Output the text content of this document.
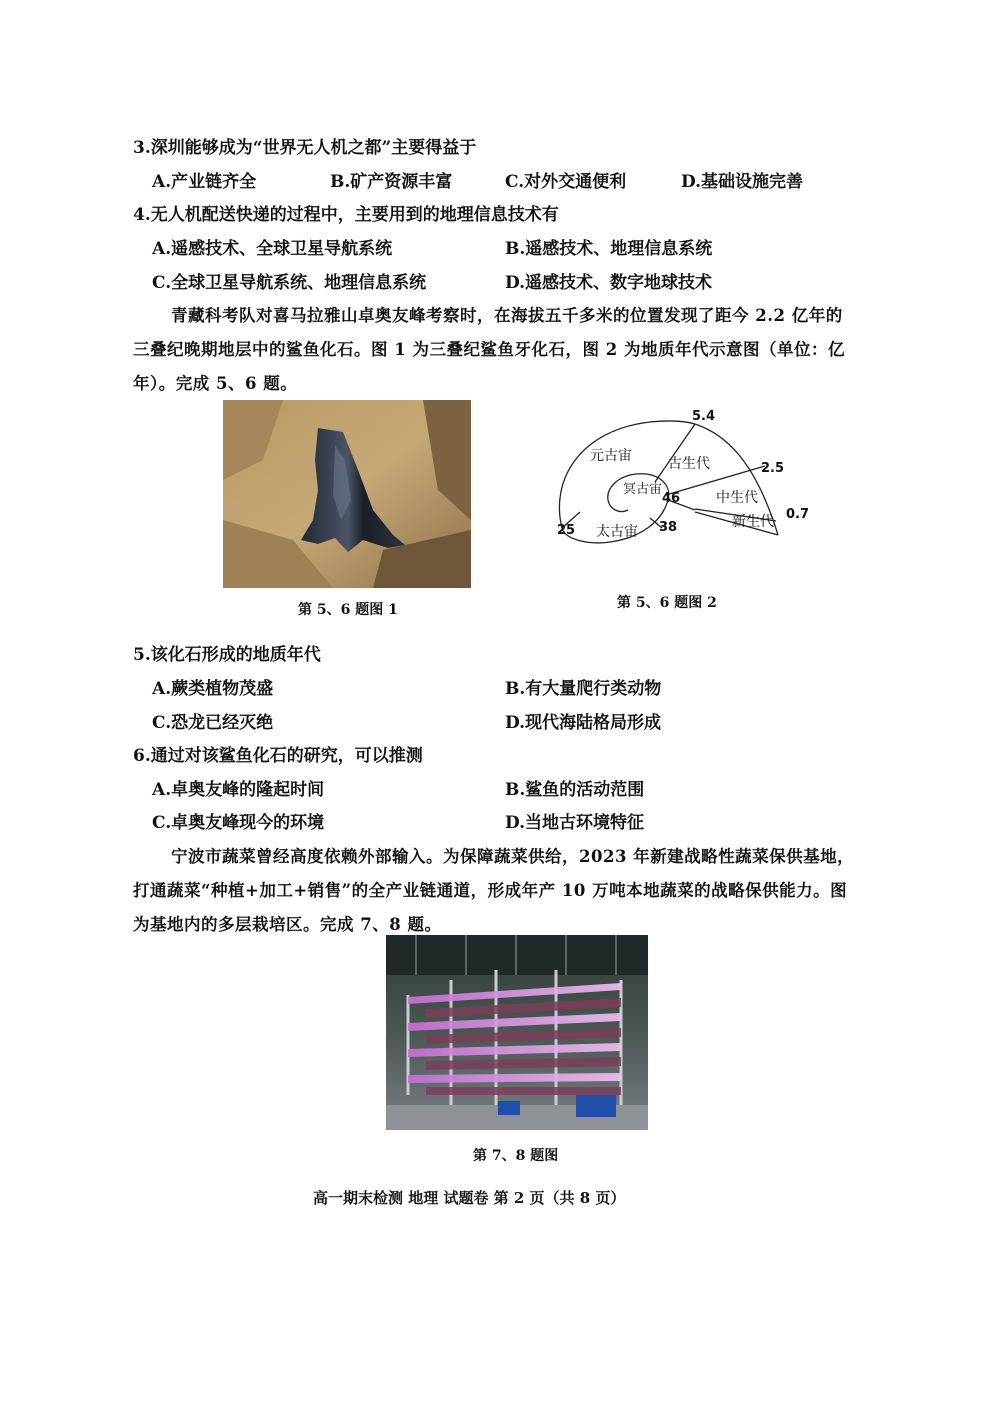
3.深圳能够成为“世界无人机之都”主要得益于
A.产业链齐全	B.矿产资源丰富	C.对外交通便利	D.基础设施完善
4.无人机配送快递的过程中，主要用到的地理信息技术有
A.遥感技术、全球卫星导航系统	B.遥感技术、地理信息系统
C.全球卫星导航系统、地理信息系统	D.遥感技术、数字地球技术
青藏科考队对喜马拉雅山卓奥友峰考察时，在海拔五千多米的位置发现了距今 2.2 亿年的
三叠纪晚期地层中的鲨鱼化石。图 1 为三叠纪鲨鱼牙化石，图 2 为地质年代示意图（单位：亿
年）。完成 5、6 题。
第 5、6 题图 1
元古宙	古生代
冥古宙
中生代
新生代
太古宙
5.4
2.5
0.7
46
38
25
第 5、6 题图 2
5.该化石形成的地质年代
A.蕨类植物茂盛	B.有大量爬行类动物
C.恐龙已经灭绝	D.现代海陆格局形成
6.通过对该鲨鱼化石的研究，可以推测
A.卓奥友峰的隆起时间	B.鲨鱼的活动范围
C.卓奥友峰现今的环境	D.当地古环境特征
宁波市蔬菜曾经高度依赖外部输入。为保障蔬菜供给，2023 年新建战略性蔬菜保供基地，
打通蔬菜“种植+加工+销售”的全产业链通道，形成年产 10 万吨本地蔬菜的战略保供能力。图
为基地内的多层栽培区。完成 7、8 题。
第 7、8 题图
高一期末检测 地理 试题卷 第 2 页（共 8 页）
